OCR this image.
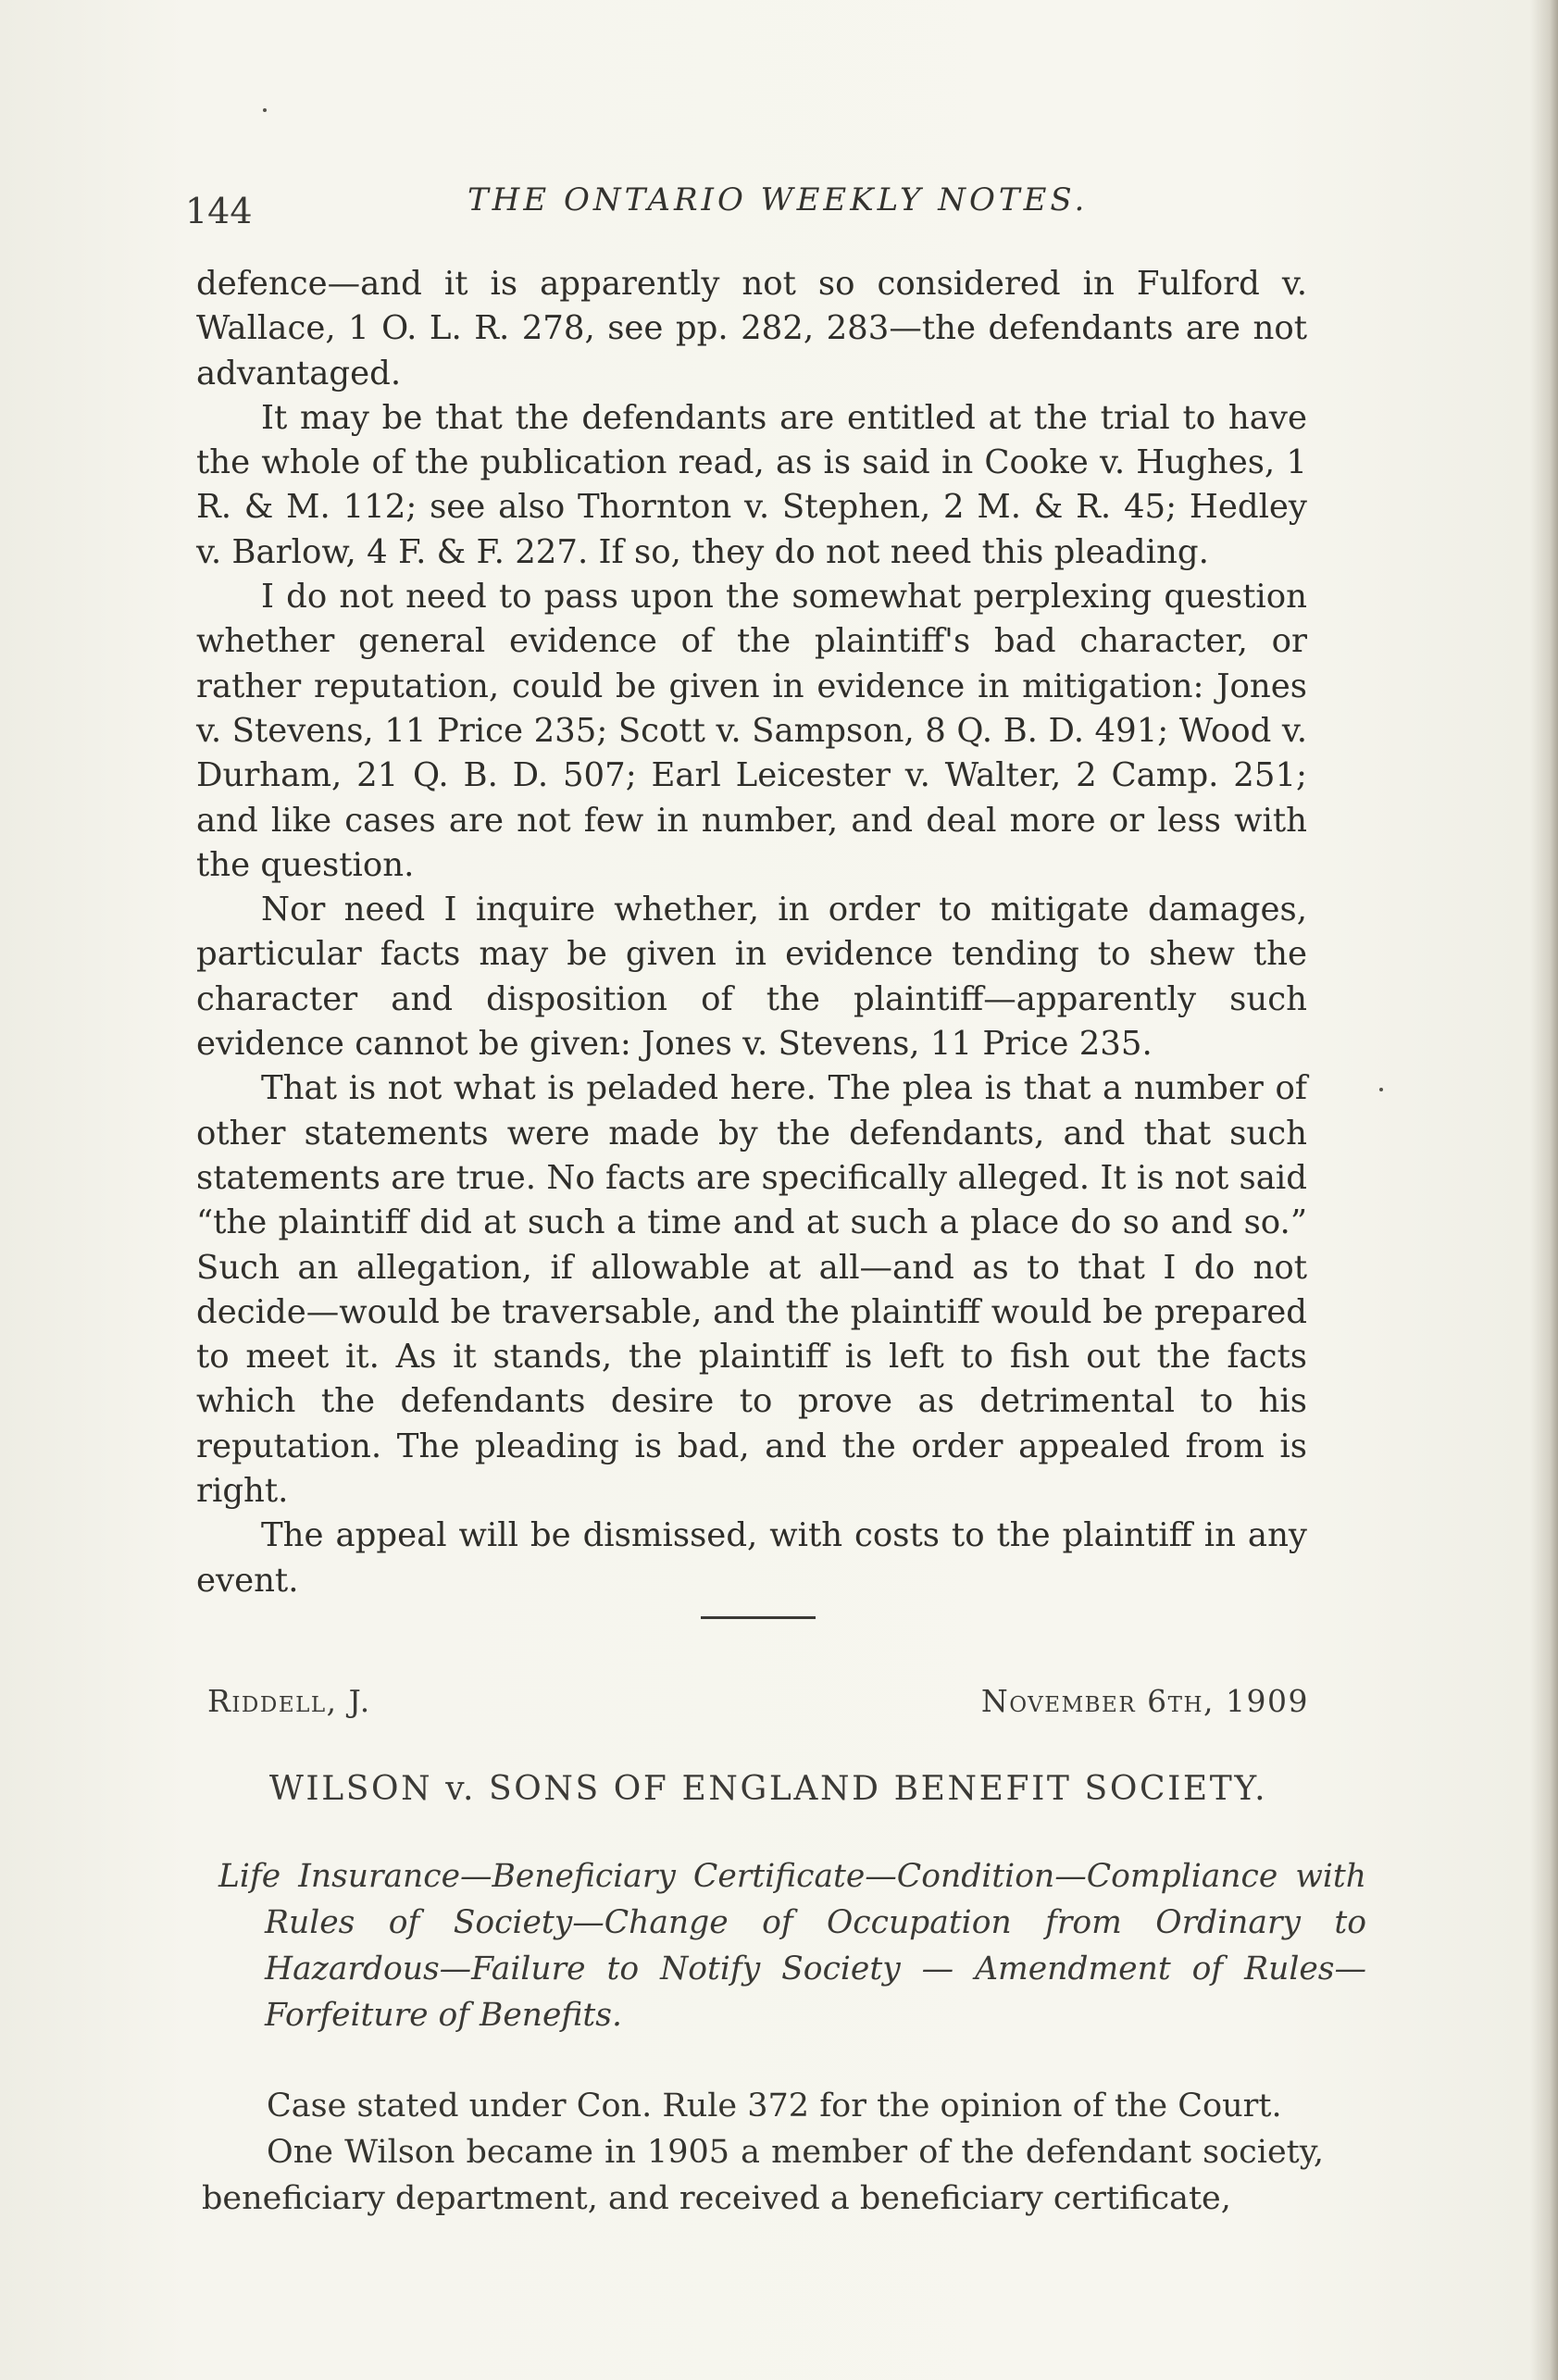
144	THE ONTARIO WEEKLY NOTES.

defence—and it is apparently not so considered in Fulford v. Wallace, 1 O. L. R. 278, see pp. 282, 283—the defendants are not advantaged.

It may be that the defendants are entitled at the trial to have the whole of the publication read, as is said in Cooke v. Hughes, 1 R. & M. 112; see also Thornton v. Stephen, 2 M. & R. 45; Hedley v. Barlow, 4 F. & F. 227. If so, they do not need this pleading.

I do not need to pass upon the somewhat perplexing question whether general evidence of the plaintiff's bad character, or rather reputation, could be given in evidence in mitigation: Jones v. Stevens, 11 Price 235; Scott v. Sampson, 8 Q. B. D. 491; Wood v. Durham, 21 Q. B. D. 507; Earl Leicester v. Walter, 2 Camp. 251; and like cases are not few in number, and deal more or less with the question.

Nor need I inquire whether, in order to mitigate damages, particular facts may be given in evidence tending to shew the character and disposition of the plaintiff—apparently such evidence cannot be given: Jones v. Stevens, 11 Price 235.

That is not what is peladed here. The plea is that a number of other statements were made by the defendants, and that such statements are true. No facts are specifically alleged. It is not said “the plaintiff did at such a time and at such a place do so and so.” Such an allegation, if allowable at all—and as to that I do not decide—would be traversable, and the plaintiff would be prepared to meet it. As it stands, the plaintiff is left to fish out the facts which the defendants desire to prove as detrimental to his reputation. The pleading is bad, and the order appealed from is right.

The appeal will be dismissed, with costs to the plaintiff in any event.

Riddell, J.	November 6th, 1909
WILSON v. SONS OF ENGLAND BENEFIT SOCIETY.
Life Insurance—Beneficiary Certificate—Condition—Compliance with Rules of Society—Change of Occupation from Ordinary to Hazardous—Failure to Notify Society — Amendment of Rules—Forfeiture of Benefits.

Case stated under Con. Rule 372 for the opinion of the Court.

One Wilson became in 1905 a member of the defendant society, beneficiary department, and received a beneficiary certificate,
